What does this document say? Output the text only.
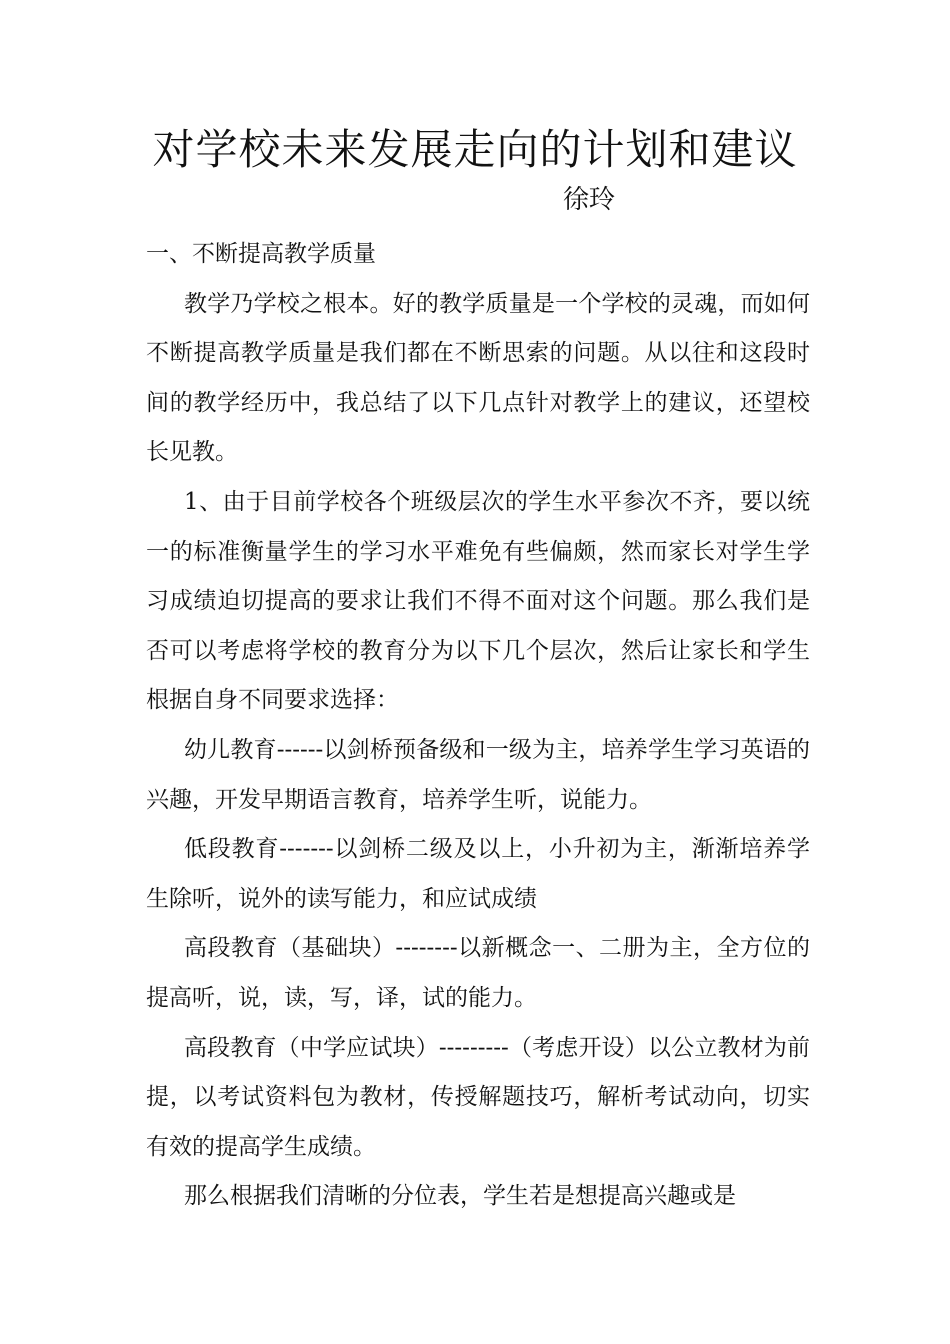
对学校未来发展走向的计划和建议
徐玲

一、不断提高教学质量

教学乃学校之根本。好的教学质量是一个学校的灵魂，而如何不断提高教学质量是我们都在不断思索的问题。从以往和这段时间的教学经历中，我总结了以下几点针对教学上的建议，还望校长见教。

1、由于目前学校各个班级层次的学生水平参次不齐，要以统一的标准衡量学生的学习水平难免有些偏颇，然而家长对学生学习成绩迫切提高的要求让我们不得不面对这个问题。那么我们是否可以考虑将学校的教育分为以下几个层次，然后让家长和学生根据自身不同要求选择：

幼儿教育------以剑桥预备级和一级为主，培养学生学习英语的兴趣，开发早期语言教育，培养学生听，说能力。

低段教育-------以剑桥二级及以上，小升初为主，渐渐培养学生除听，说外的读写能力，和应试成绩

高段教育（基础块）--------以新概念一、二册为主，全方位的提高听，说，读，写，译，试的能力。

高段教育（中学应试块）---------（考虑开设）以公立教材为前提，以考试资料包为教材，传授解题技巧，解析考试动向，切实有效的提高学生成绩。

那么根据我们清晰的分位表，学生若是想提高兴趣或是
